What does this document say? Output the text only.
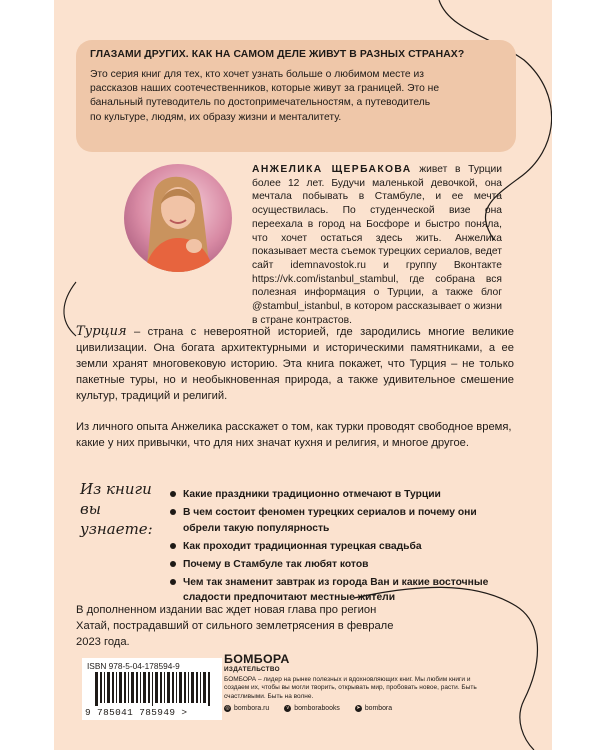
ГЛАЗАМИ ДРУГИХ. КАК НА САМОМ ДЕЛЕ ЖИВУТ В РАЗНЫХ СТРАНАХ?

Это серия книг для тех, кто хочет узнать больше о любимом месте из
рассказов наших соотечественников, которые живут за границей. Это не
банальный путеводитель по достопримечательностям, а путеводитель
по культуре, людям, их образу жизни и менталитету.

АНЖЕЛИКА ЩЕРБАКОВА живет в Турции более 12 лет. Будучи маленькой девочкой, она мечтала побывать в Стамбуле, и ее мечта осуществилась. По студенческой визе она переехала в город на Босфоре и быстро поняла, что хочет остаться здесь жить. Анжелика показывает места съемок турецких сериалов, ведет сайт idemnavostok.ru и группу Вконтакте https://vk.com/istanbul_stambul, где собрана вся полезная информация о Турции, а также блог @stambul_istanbul, в котором рассказывает о жизни в стране контрастов.

Турция – страна с невероятной историей, где зародились многие великие цивилизации. Она богата архитектурными и историческими памятниками, а ее земли хранят многовековую историю. Эта книга покажет, что Турция – не только пакетные туры, но и необыкновенная природа, а также удивительное смешение культур, традиций и религий.

Из личного опыта Анжелика расскажет о том, как турки проводят свободное время, какие у них привычки, что для них значат кухня и религия, и многое другое.

Из книги
вы узнаете:

Какие праздники традиционно отмечают в Турции
В чем состоит феномен турецких сериалов и почему они обрели такую популярность
Как проходит традиционная турецкая свадьба
Почему в Стамбуле так любят котов
Чем так знаменит завтрак из города Ван и какие восточные сладости предпочитают местные жители

В дополненном издании вас ждет новая глава про регион Хатай, пострадавший от сильного землетрясения в феврале 2023 года.

ISBN 978-5-04-178594-9
9 785041 785949 >

БОМБОРА

ИЗДАТЕЛЬСТВО

БОМБОРА – лидер на рынке полезных и вдохновляющих книг. Мы любим книги и создаем их, чтобы вы могли творить, открывать мир, пробовать новое, расти. Быть счастливыми. Быть на волне.

◎ bombora.ru	v bomborabooks	➤ bombora
